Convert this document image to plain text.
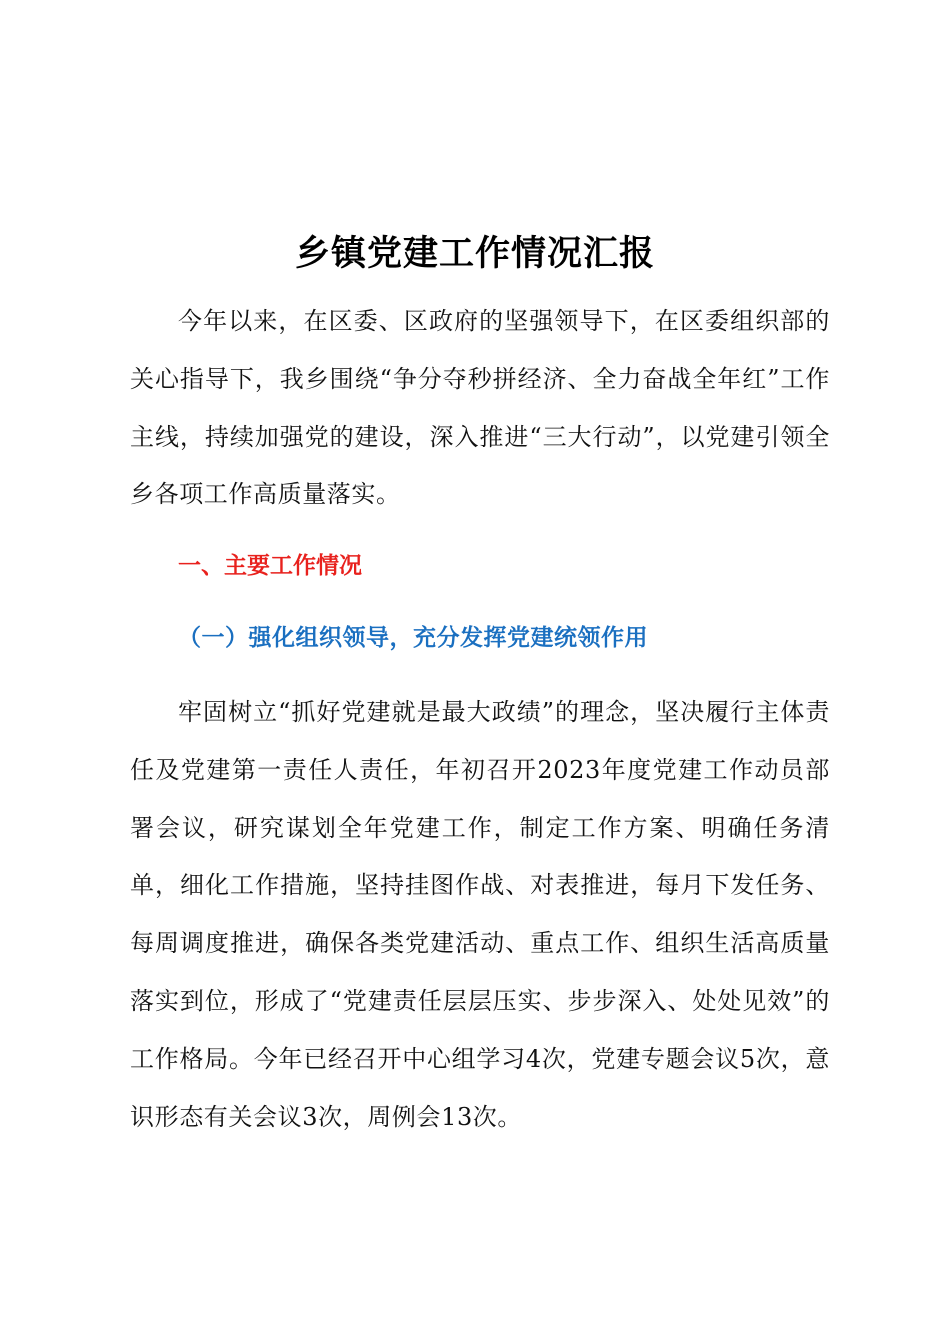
乡镇党建工作情况汇报

今年以来，在区委、区政府的坚强领导下，在区委组织部的关心指导下，我乡围绕“争分夺秒拼经济、全力奋战全年红”工作主线，持续加强党的建设，深入推进“三大行动”，以党建引领全乡各项工作高质量落实。

一、主要工作情况
（一）强化组织领导，充分发挥党建统领作用

牢固树立“抓好党建就是最大政绩”的理念，坚决履行主体责任及党建第一责任人责任，年初召开2023年度党建工作动员部署会议，研究谋划全年党建工作，制定工作方案、明确任务清单，细化工作措施，坚持挂图作战、对表推进，每月下发任务、每周调度推进，确保各类党建活动、重点工作、组织生活高质量落实到位，形成了“党建责任层层压实、步步深入、处处见效”的工作格局。今年已经召开中心组学习4次，党建专题会议5次，意识形态有关会议3次，周例会13次。
